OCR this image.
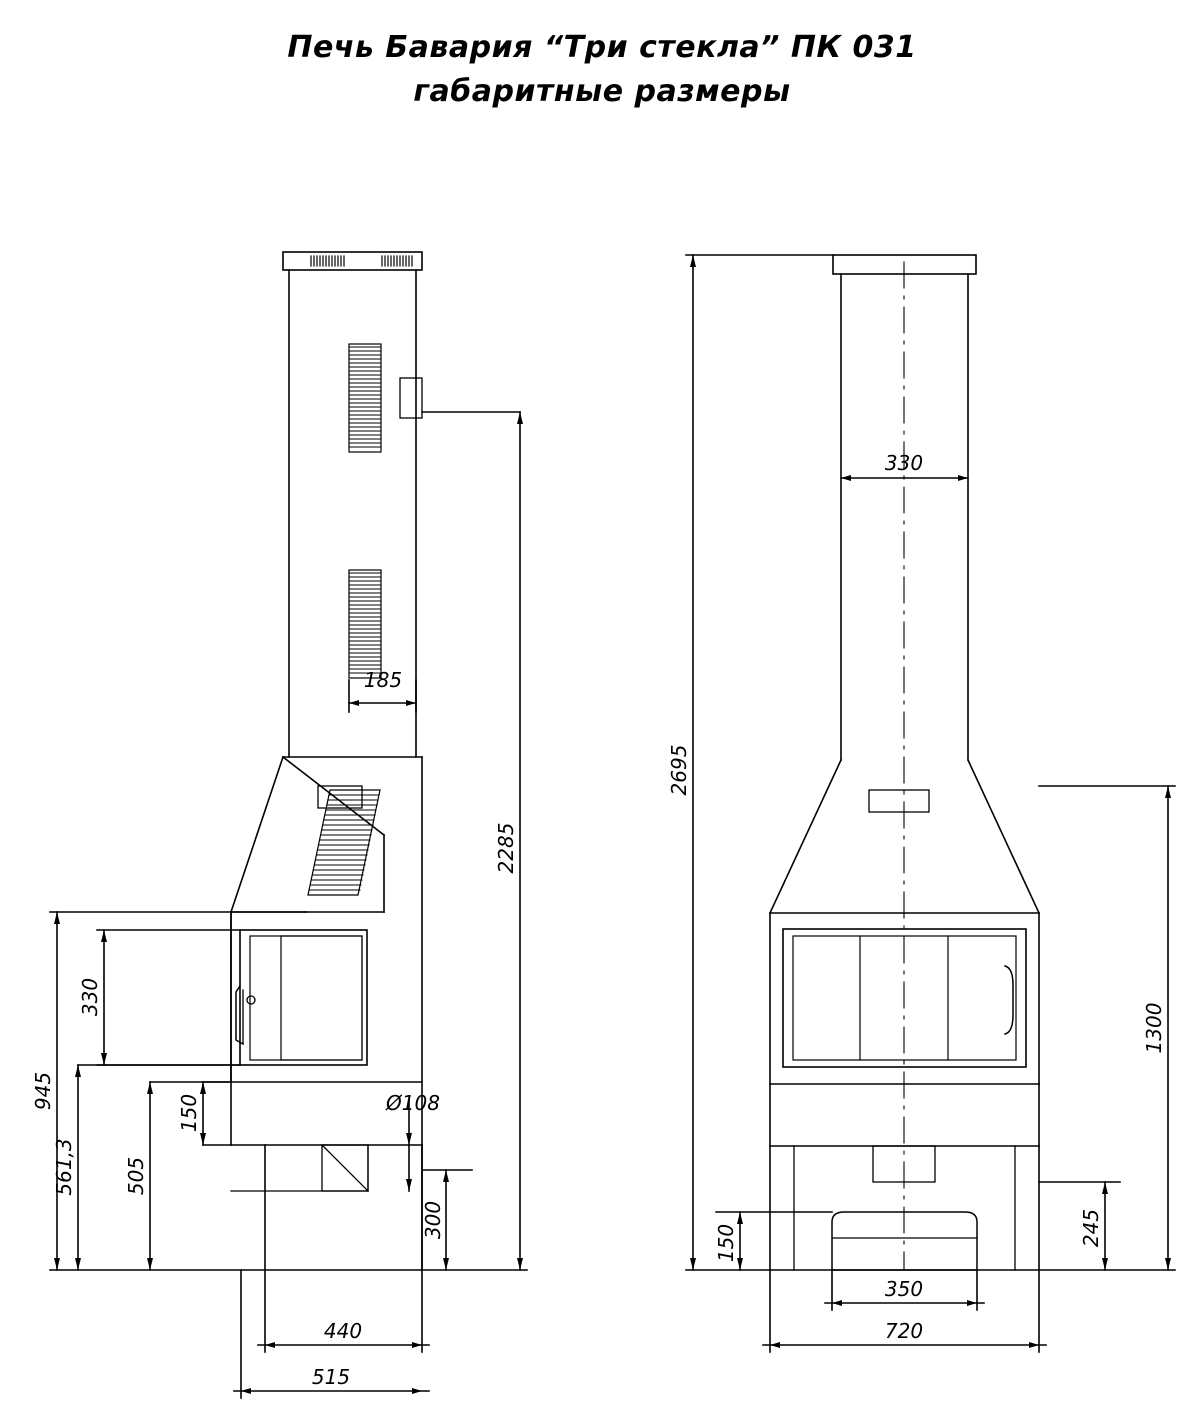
Печь Бавария “Три стекла” ПК 031
габаритные размеры
185
2285
330
945
561,3 505
150	Ø108
300
440
515
330
2695
1300
245
150
350
720
